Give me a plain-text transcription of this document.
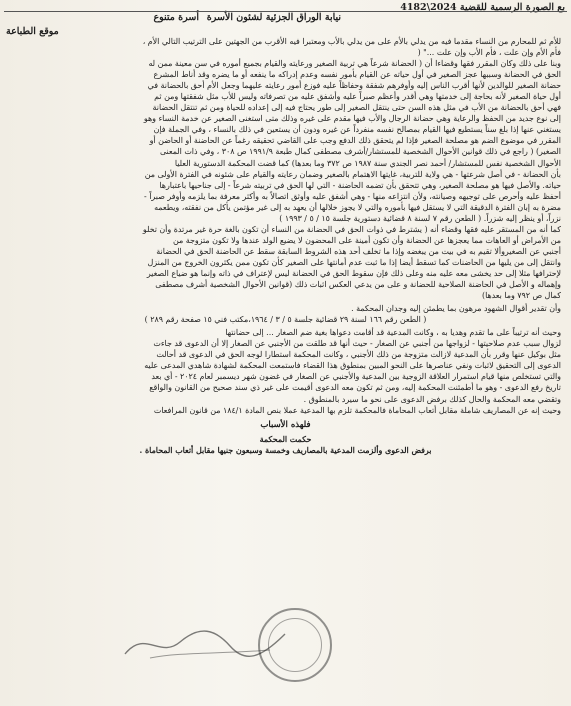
بع الصورة الرسمية للقضية 2024\4182
نيابة الوراق الجزئية لشئون الأسرة
أسرة متنوع
موقع الطباعة

للأم ثم للمحارم من النساء مقدما فيه من يدلي بالأم على من يدلي بالأب ومعتبرا فيه الأقرب من الجهتين على الترتيب التالي الأم ،

فأم الأم وإن علت ، فأم الأب وإن علت ..." (

وبنا على ذلك وكان المقرر فقها وقضاءا أن ( الحضانة شرعاً هي تربية الصغير ورعايته والقيام بجميع أموره في سن معينة ممن له

الحق في الحضانة وسببها عجز الصغير في أول حياته عن القيام بأمور نفسه وعدم إدراكه ما ينفعه أو ما يضره وقد أناط المشرع

حضانة الصغير للوالدين لأنها أقرب الناس إليه وأوفرهم شفقة وحفاظاً عليه فوزع أمور رعايته عليهما وجعل الأم أحق بالحضانة في

أول حياة الصغير لأنه بحاجة إلى خدمتها وهي أقدر وأعظم صبراً عليه وأشفق عليه من تصرفاته وليس للأب مثل شفقتها ومن ثم

فهي أحق بالحضانة من الأب في مثل هذه السن حتى ينتقل الصغير إلى طور يحتاج فيه إلى إعداده للحياة ومن ثم تنتقل الحضانة

إلى نوع جديد من الحفظ والرعاية وهي حضانة الرجال والأب فيها مقدم على غيره وذلك متى استغنى الصغير عن خدمة النساء وهو

يستغني عنها إذا بلغ سناً يستطيع فيها القيام بمصالح نفسه منفرداً عن غيره ودون أن يستعين في ذلك بالنساء ، وفي الجملة فإن

المقرر في موضوع الضم هو مصلحة الصغير فإذا لم يتحقق ذلك الدفع وجب على القاضي تحقيقه رغماً عن الحاضنة أو الحاضن أو

الصغير) ( راجع في ذلك قوانين الأحوال الشخصية للمستشار/أشرف مصطفى كمال طبعة ١٩٩١/٩ ص ٣٠٨ ، وفي ذات المعنى

الأحوال الشخصية نفس للمستشار/ أحمد نصر الجندي سنة ١٩٨٧ ص ٣٧٢ وما بعدها) كما قضت المحكمة الدستورية العليا

بأن الحضانة - في أصل شرعتها - هي ولاية للتربية، غايتها الاهتمام بالصغير وضمان رعايته والقيام على شئونه في الفترة الأولى من

حياته. والأصل فيها هو مصلحة الصغير، وهي تتحقق بأن تضمه الحاضنة - التي لها الحق في تربيته شرعاً - إلى جناحيها باعتبارها

أحفظ عليه وأحرص على توجيهه وصيانته، ولأن انتزاعه منها - وهي أشفق عليه وأوثق اتصالاً به وأكثر معرفة بما يلزمه وأوفر صبراً -

مضرة به إبان الفترة الدقيقة التي لا يستقل فيها بأموره والتي لا يجوز خلالها أن يعهد به إلى غير مؤتمن يأكل من نفقته، ويطعمه

نزراً، أو ينظر إليه شزراً. ( الطعن رقم ٧ لسنة ٨ قضائية دستورية جلسة ١٥ / ٥ / ١٩٩٣ )

كما أنه من المستقر عليه فقها وقضاء أنه ( يشترط في ذوات الحق في الحضانة من النساء أن تكون بالغة حرة غير مرتدة وأن تخلو

من الأمراض أو العاهات مما يعجزها عن الحضانة وأن تكون أمينة على المحضون لا يضيع الولد عندها ولا تكون متزوجة من

أجنبي عن الصغيروألا تقيم به في بيت من يبغضه وإذا ما تخلف أحد هذه الشروط السابقة سقط عن الحاضنة الحق في الحضانة

وانتقل إلى من يليها من الحاضنات كما تسقط أيضا إذا ما ثبت عدم أمانتها على الصغير كأن تكون ممن يكثرون الخروج من المنزل

لإحترافها مثلا إلى حد يخشى معه عليه منه وعلى ذلك فإن سقوط الحق في الحضانة ليس لإعتراف في ذاته وإنما هو ضياع الصغير

وإهماله و الأصل في الحاضنة الصلاحية للحضانة و على من يدعي العكس اثبات ذلك (قوانين الأحوال الشخصية أشرف مصطفى

كمال ص ٧٩٢ وما بعدها)

وأن تقدير أقوال الشهود مرهون بما يطمئن إليه وجدان المحكمة .

( الطعن رقم ١٦٦ لسنة ٢٩ قضائية جلسة ٥ / ٣ / ١٩٦٤،مكتب فني ١٥ صفحة رقم ٢٨٩ )

وحيث أنه ترتيباً على ما تقدم وهديا به ، وكانت المدعية قد أقامت دعواها بغية ضم الصغار ... إلى حضانتها

لزوال سبب عدم صلاحيتها - لزواجها من أجنبي عن الصغار - حيث أنها قد طلقت من الأجنبي عن الصغار إلا أن الدعوى قد جاءت

مثل بوكيل عنها وقرر بأن المدعية لازالت متزوجة من ذلك الأجنبي ، وكانت المحكمة استطارا لوجه الحق في الدعوى قد أحالت

الدعوى إلى التحقيق لاثبات ونفي عناصرها على النحو المبين بمنطوق هذا القضاء فاستمعت المحكمة لشهادة شاهدي المدعى عليه

والتي تستخلص منها قيام استمرار العلاقة الزوجية بين المدعية والأجنبي عن الصغار في غضون شهر ديسمبر لعام ٢٠٢٤ - أي بعد

تاريخ رفع الدعوى - وهو ما أطمئنت المحكمة إليه، ومن ثم تكون معه الدعوى أقيمت على غير ذي سند صحيح من القانون والواقع

وتقضي معه المحكمة والحال كذلك برفض الدعوى على نحو ما سيرد بالمنطوق .

وحيث إنه عن المصاريف شاملة مقابل أتعاب المحاماة فالمحكمة تلزم بها المدعية عملا بنص المادة ١٨٤/١ من قانون المرافعات

فلهذه الأسباب

حكمت المحكمة

برفض الدعوى وألزمت المدعية بالمصاريف وخمسة وسبعون جنيها مقابل أتعاب المحاماة .
